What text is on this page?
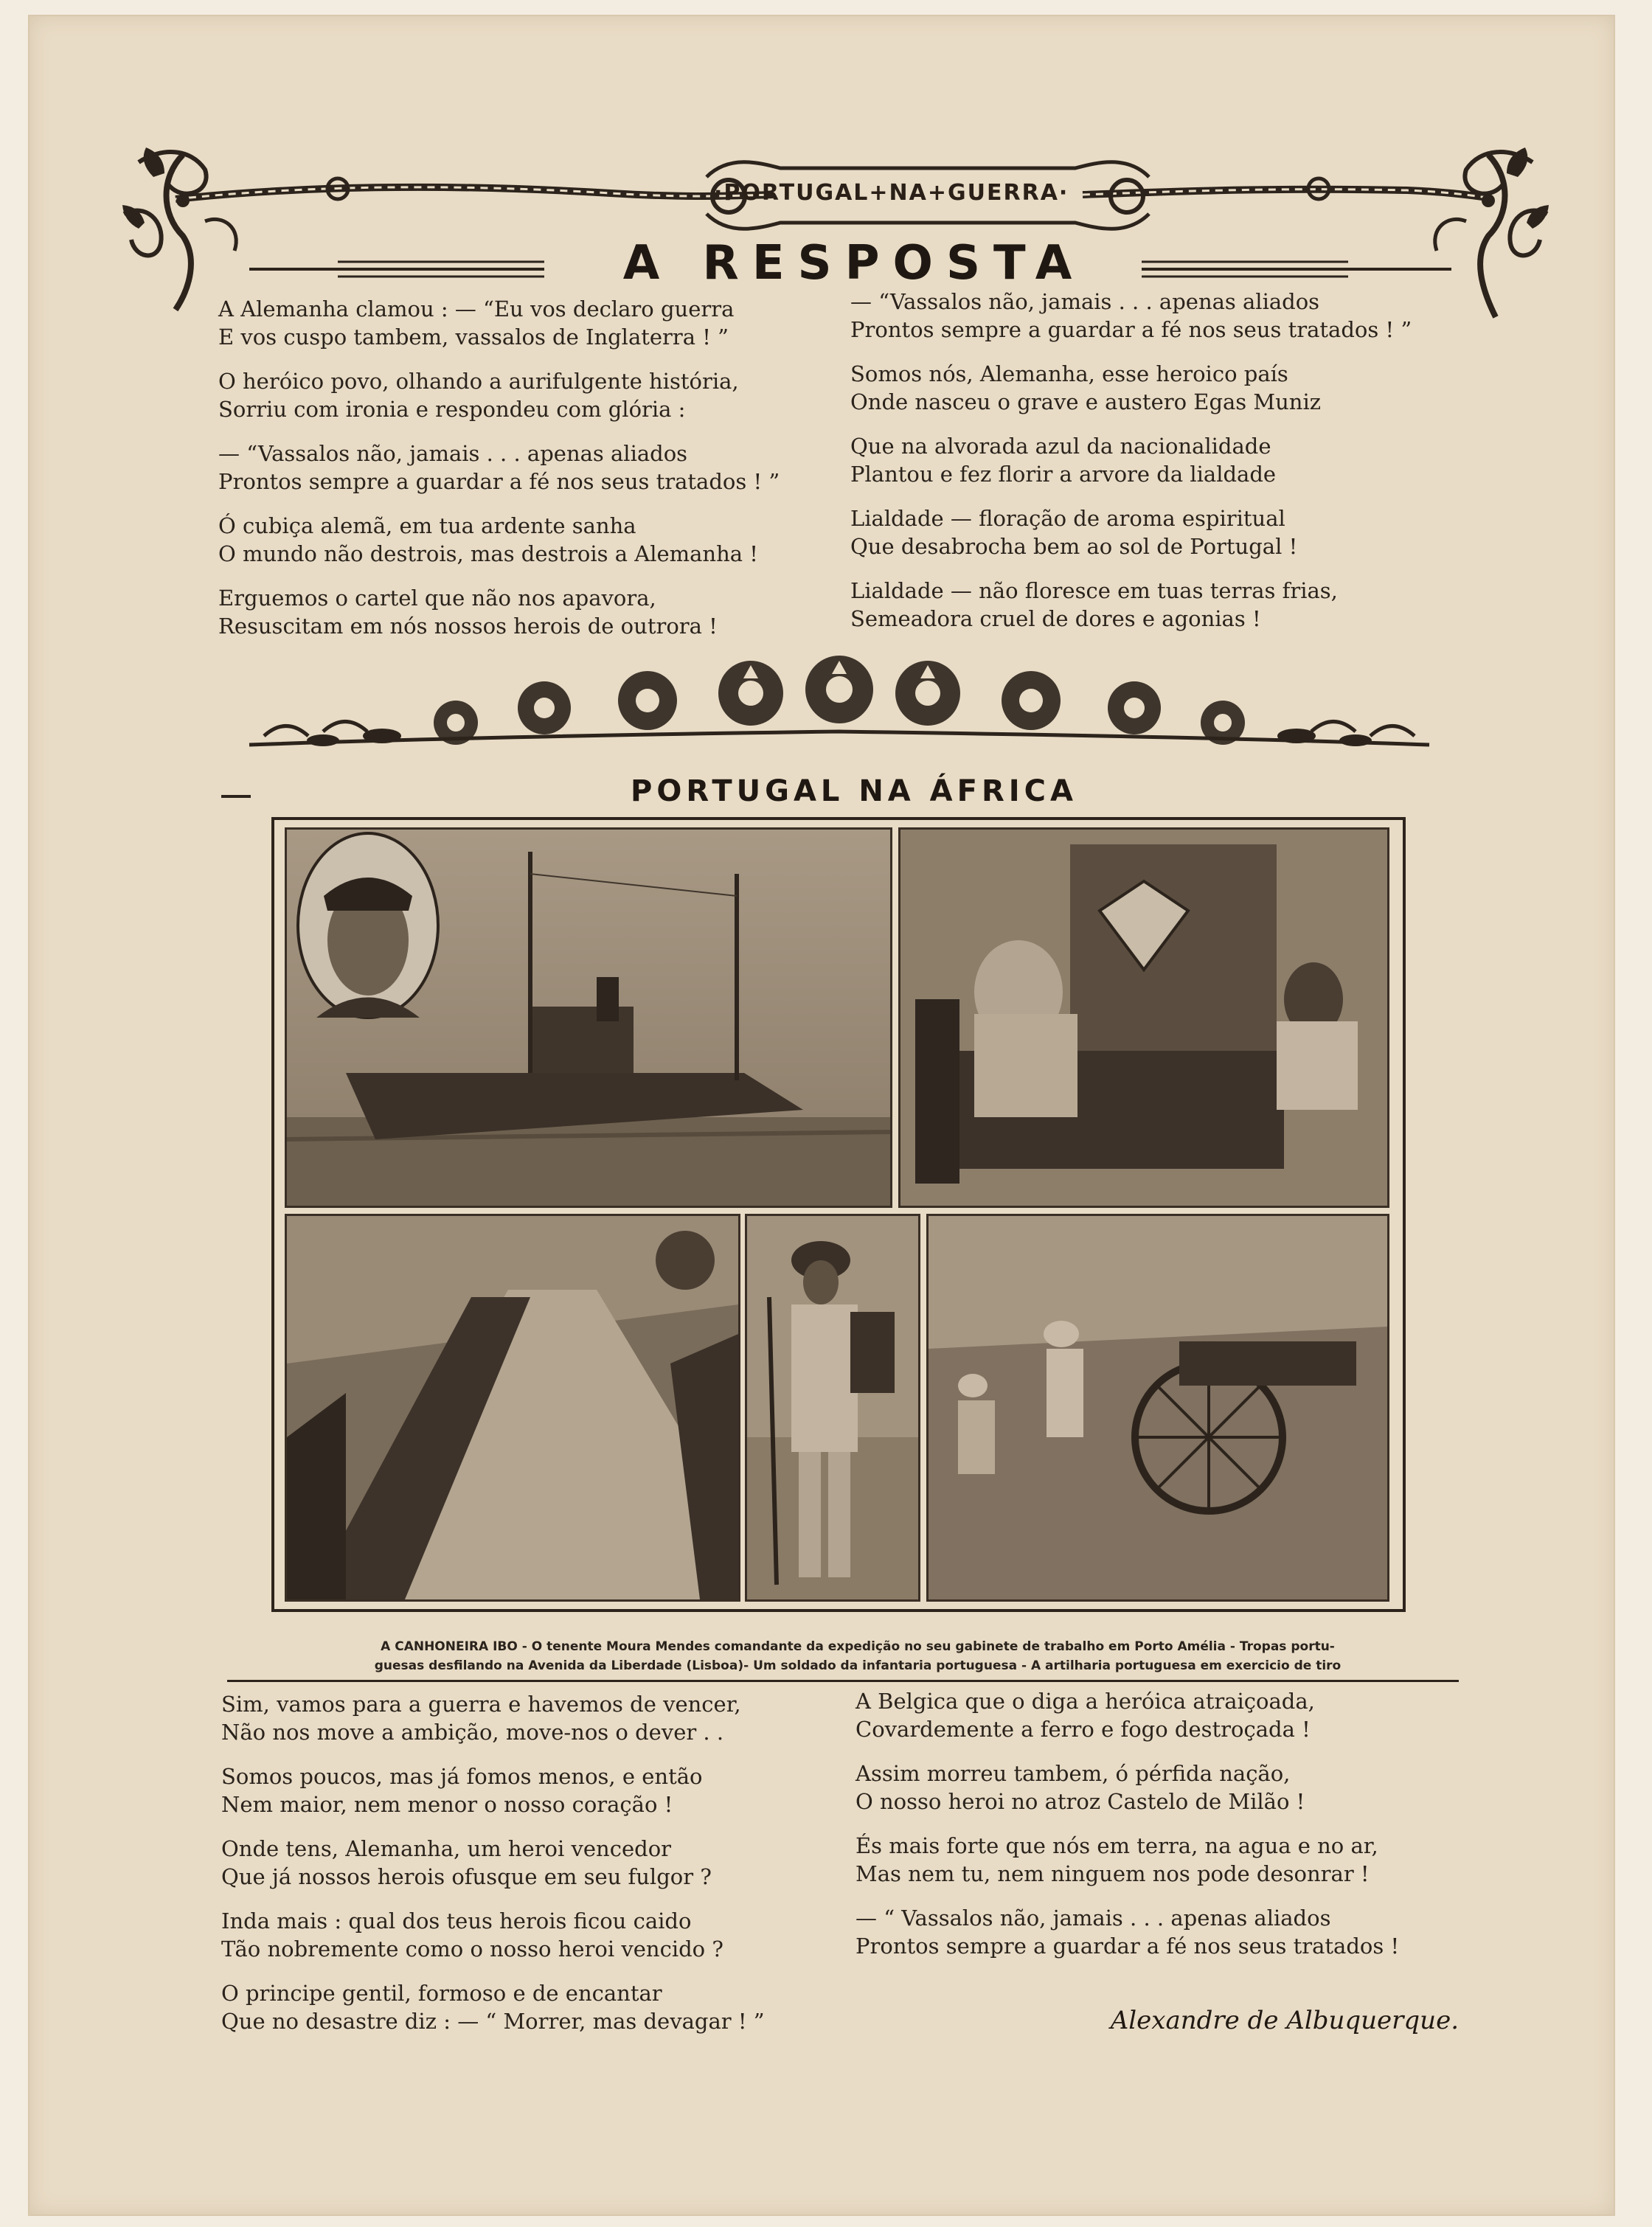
·PORTUGAL+NA+GUERRA·
A RESPOSTA
A Alemanha clamou : — “Eu vos declaro guerra
E vos cuspo tambem, vassalos de Inglaterra ! ”
O heróico povo, olhando a aurifulgente história,
Sorriu com ironia e respondeu com glória :
— “Vassalos não, jamais . . . apenas aliados
Prontos sempre a guardar a fé nos seus tratados ! ”
Ó cubiça alemã, em tua ardente sanha
O mundo não destrois, mas destrois a Alemanha !
Erguemos o cartel que não nos apavora,
Resuscitam em nós nossos herois de outrora !
— “Vassalos não, jamais . . . apenas aliados
Prontos sempre a guardar a fé nos seus tratados ! ”
Somos nós, Alemanha, esse heroico país
Onde nasceu o grave e austero Egas Muniz
Que na alvorada azul da nacionalidade
Plantou e fez florir a arvore da lialdade
Lialdade — floração de aroma espiritual
Que desabrocha bem ao sol de Portugal !
Lialdade — não floresce em tuas terras frias,
Semeadora cruel de dores e agonias !
PORTUGAL NA ÁFRICA
A CANHONEIRA IBO - O tenente Moura Mendes comandante da expedição no seu gabinete de trabalho em Porto Amélia - Tropas portu-
guesas desfilando na Avenida da Liberdade (Lisboa)- Um soldado da infantaria portuguesa - A artilharia portuguesa em exercicio de tiro
Sim, vamos para a guerra e havemos de vencer,
Não nos move a ambição, move-nos o dever . .
Somos poucos, mas já fomos menos, e então
Nem maior, nem menor o nosso coração !
Onde tens, Alemanha, um heroi vencedor
Que já nossos herois ofusque em seu fulgor ?
Inda mais : qual dos teus herois ficou caido
Tão nobremente como o nosso heroi vencido ?
O principe gentil, formoso e de encantar
Que no desastre diz : — “ Morrer, mas devagar ! ”
A Belgica que o diga a heróica atraiçoada,
Covardemente a ferro e fogo destroçada !
Assim morreu tambem, ó pérfida nação,
O nosso heroi no atroz Castelo de Milão !
És mais forte que nós em terra, na agua e no ar,
Mas nem tu, nem ninguem nos pode desonrar !
— “ Vassalos não, jamais . . . apenas aliados
Prontos sempre a guardar a fé nos seus tratados !
Alexandre de Albuquerque.
